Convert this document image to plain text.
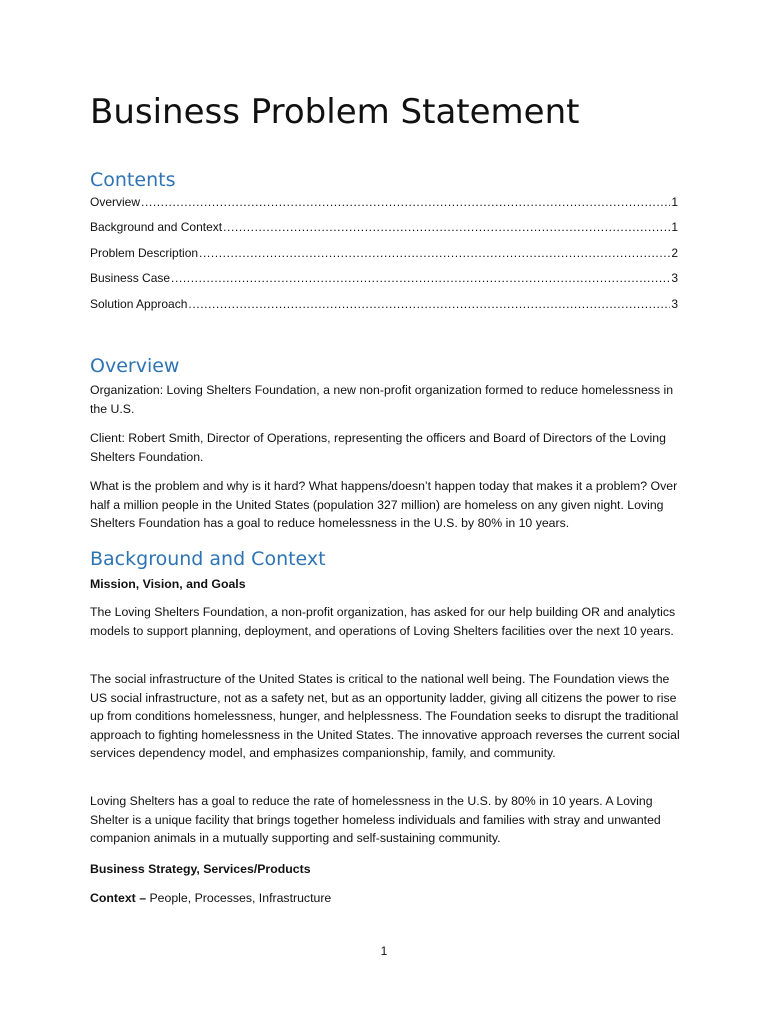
Business Problem Statement
Contents
Overview .....	1
Background and Context .....	1
Problem Description .....	2
Business Case .....	3
Solution Approach .....	3
Overview

Organization: Loving Shelters Foundation, a new non-profit organization formed to reduce homelessness in the U.S.

Client: Robert Smith, Director of Operations, representing the officers and Board of Directors of the Loving Shelters Foundation.

What is the problem and why is it hard? What happens/doesn’t happen today that makes it a problem? Over half a million people in the United States (population 327 million) are homeless on any given night. Loving Shelters Foundation has a goal to reduce homelessness in the U.S. by 80% in 10 years.

Background and Context

Mission, Vision, and Goals

The Loving Shelters Foundation, a non-profit organization, has asked for our help building OR and analytics models to support planning, deployment, and operations of Loving Shelters facilities over the next 10 years.

The social infrastructure of the United States is critical to the national well being. The Foundation views the US social infrastructure, not as a safety net, but as an opportunity ladder, giving all citizens the power to rise up from conditions homelessness, hunger, and helplessness. The Foundation seeks to disrupt the traditional approach to fighting homelessness in the United States. The innovative approach reverses the current social services dependency model, and emphasizes companionship, family, and community.

Loving Shelters has a goal to reduce the rate of homelessness in the U.S. by 80% in 10 years. A Loving Shelter is a unique facility that brings together homeless individuals and families with stray and unwanted companion animals in a mutually supporting and self-sustaining community.

Business Strategy, Services/Products

Context – People, Processes, Infrastructure

1
